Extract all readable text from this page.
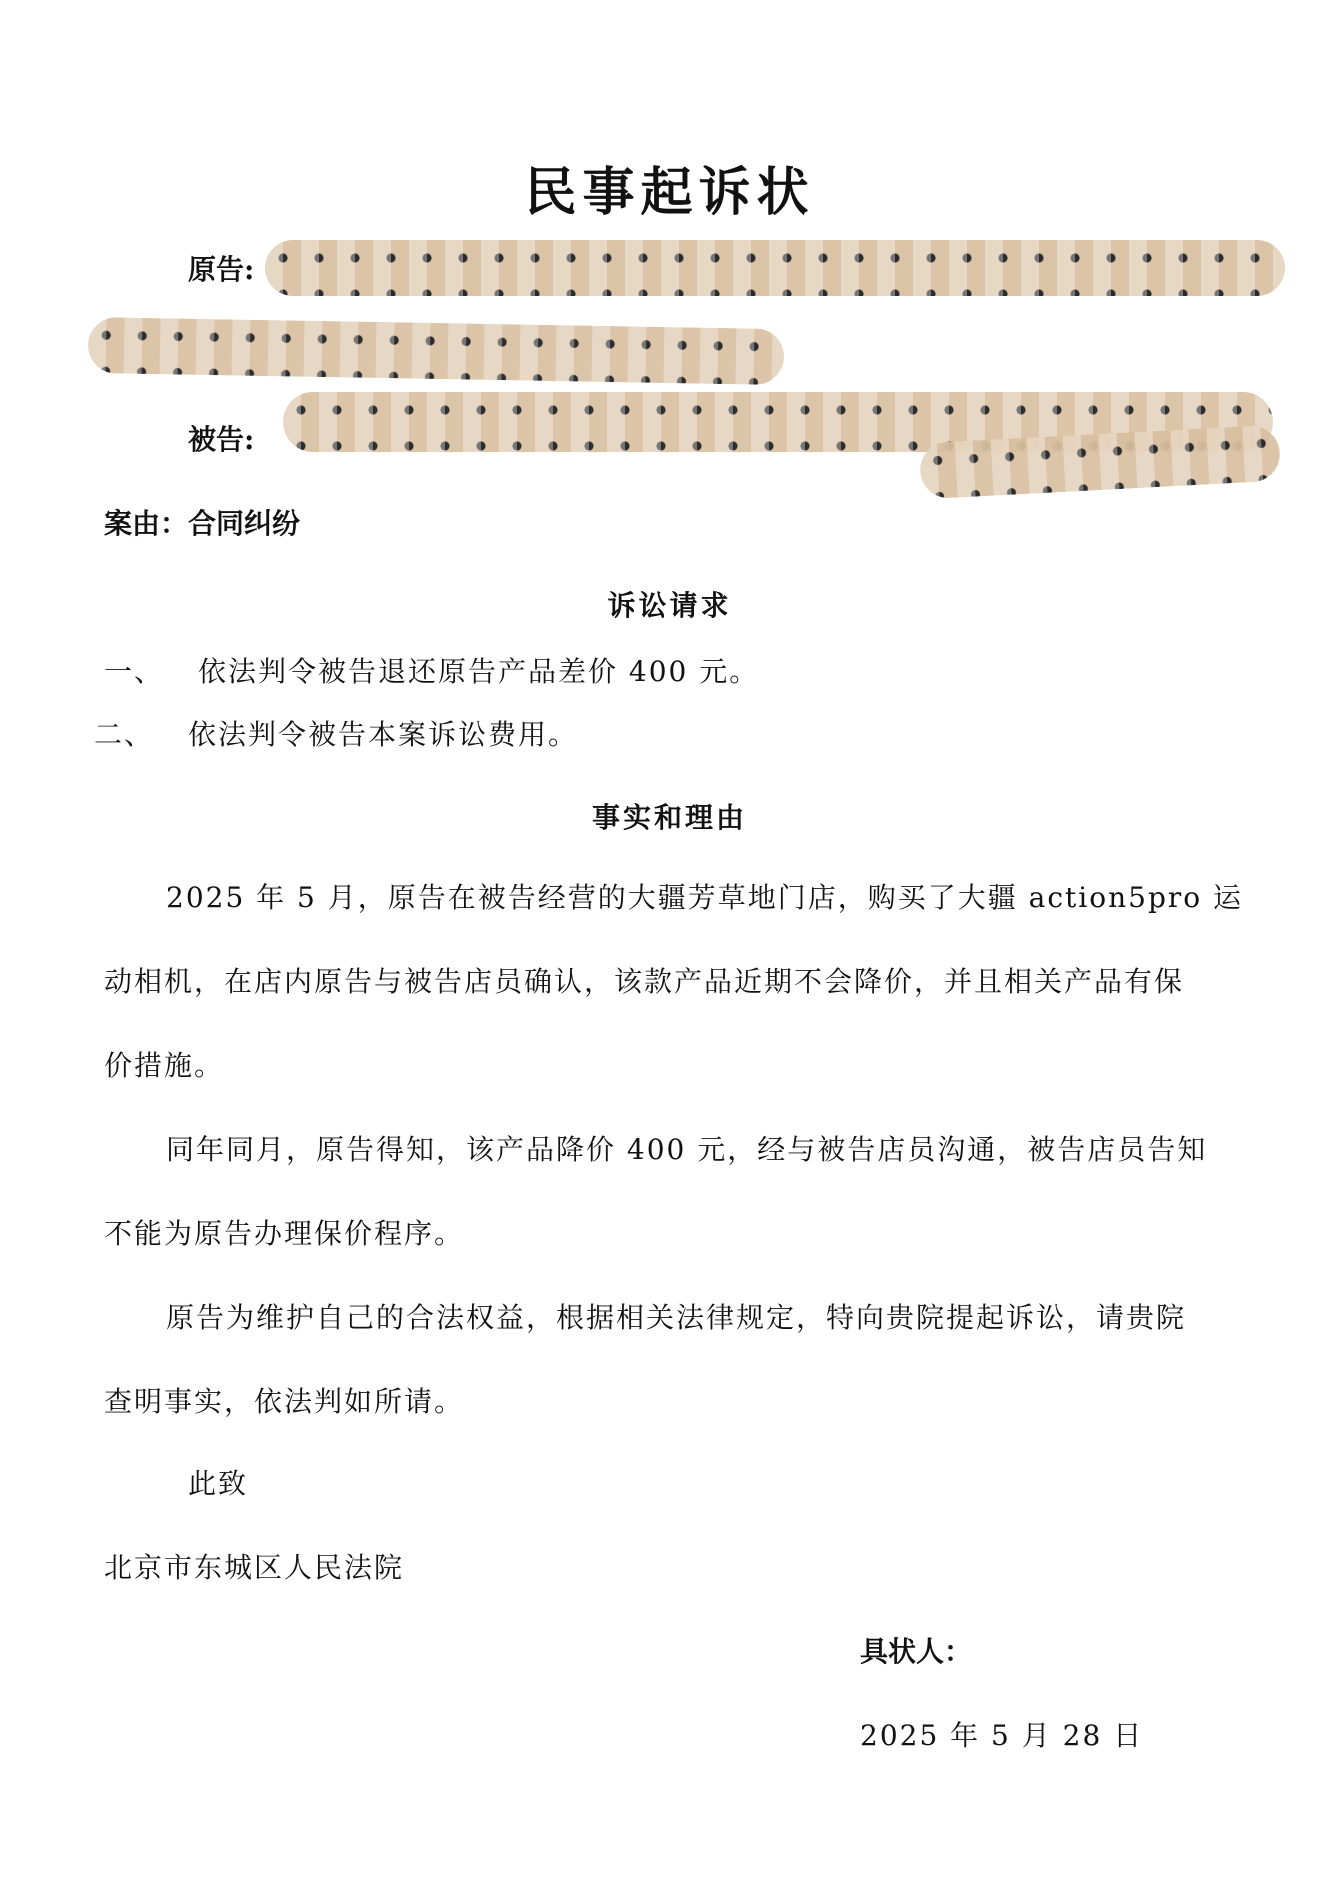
民事起诉状
原告:
被告:
案由：合同纠纷
诉讼请求
一、 依法判令被告退还原告产品差价 400 元。
二、 依法判令被告本案诉讼费用。
事实和理由
2025 年 5 月，原告在被告经营的大疆芳草地门店，购买了大疆 action5pro 运
动相机，在店内原告与被告店员确认，该款产品近期不会降价，并且相关产品有保
价措施。
同年同月，原告得知，该产品降价 400 元，经与被告店员沟通，被告店员告知
不能为原告办理保价程序。
原告为维护自己的合法权益，根据相关法律规定，特向贵院提起诉讼，请贵院
查明事实，依法判如所请。
此致
北京市东城区人民法院
具状人：
2025 年 5 月 28 日
